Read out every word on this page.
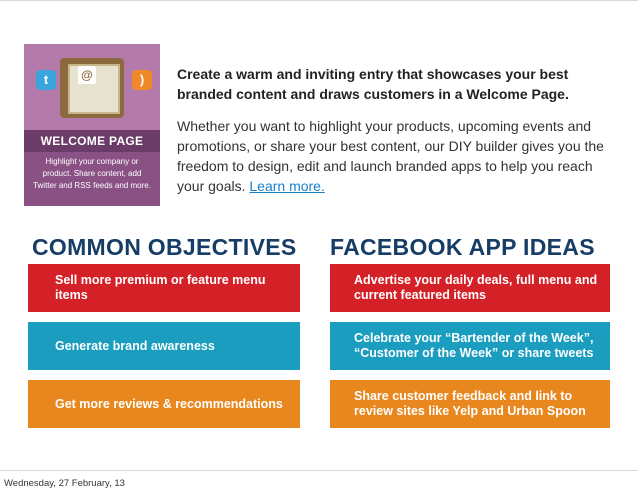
t	)
@
WELCOME PAGE
Highlight your company or product. Share content, add Twitter and RSS feeds and more.

Create a warm and inviting entry that showcases your best branded content and draws customers in a Welcome Page.

Whether you want to highlight your products, upcoming events and promotions, or share your best content, our DIY builder gives you the freedom to design, edit and launch branded apps to help you reach your goals. Learn more.

COMMON OBJECTIVES FACEBOOK APP IDEAS
Sell more premium or feature menu items
Generate brand awareness
Get more reviews & recommendations
Advertise your daily deals, full menu and current featured items
Celebrate your “Bartender of the Week”, “Customer of the Week” or share tweets
Share customer feedback and link to review sites like Yelp and Urban Spoon
Wednesday, 27 February, 13
